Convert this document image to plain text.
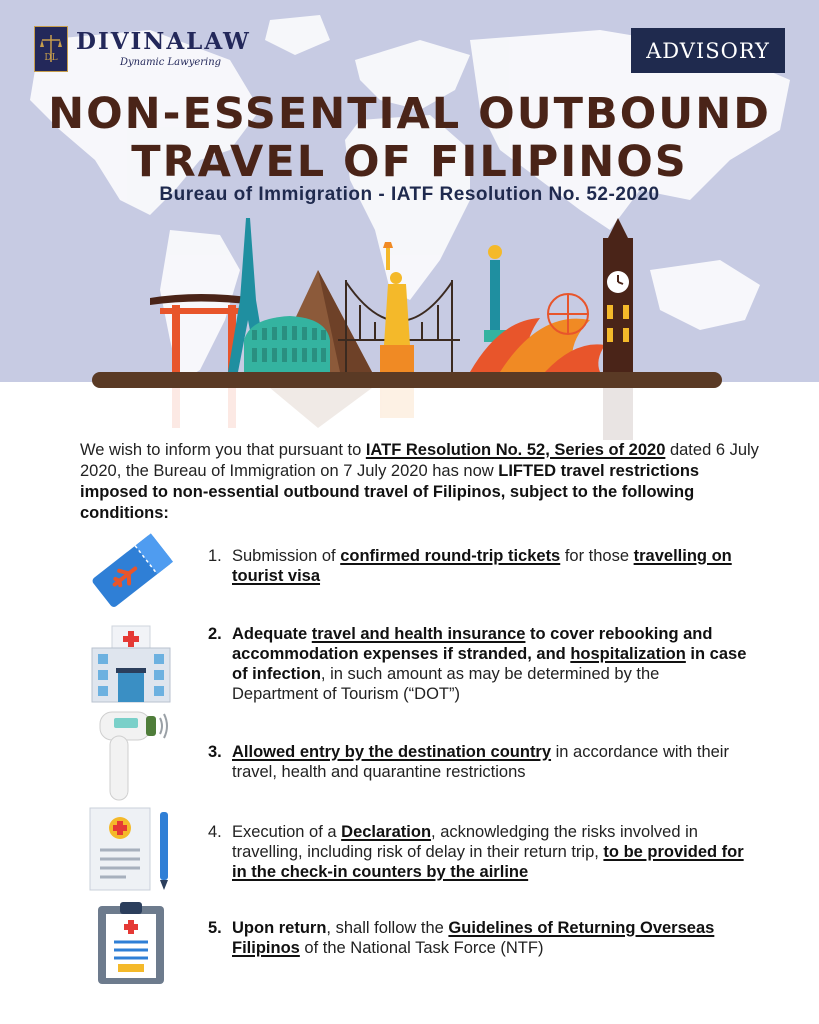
DL
DIVINALAW
Dynamic Lawyering	ADVISORY
NON-ESSENTIAL OUTBOUND
TRAVEL OF FILIPINOS
Bureau of Immigration - IATF Resolution No. 52-2020
We wish to inform you that pursuant to IATF Resolution No. 52, Series of 2020 dated 6 July 2020, the Bureau of Immigration on 7 July 2020 has now LIFTED travel restrictions imposed to non-essential outbound travel of Filipinos, subject to the following conditions:
1. Submission of confirmed round-trip tickets for those travelling on tourist visa
2. Adequate travel and health insurance to cover rebooking and accommodation expenses if stranded, and hospitalization in case of infection, in such amount as may be determined by the Department of Tourism (“DOT”)
3. Allowed entry by the destination country in accordance with their travel, health and quarantine restrictions
4. Execution of a Declaration, acknowledging the risks involved in travelling, including risk of delay in their return trip, to be provided for in the check-in counters by the airline
5. Upon return, shall follow the Guidelines of Returning Overseas Filipinos of the National Task Force (NTF)
